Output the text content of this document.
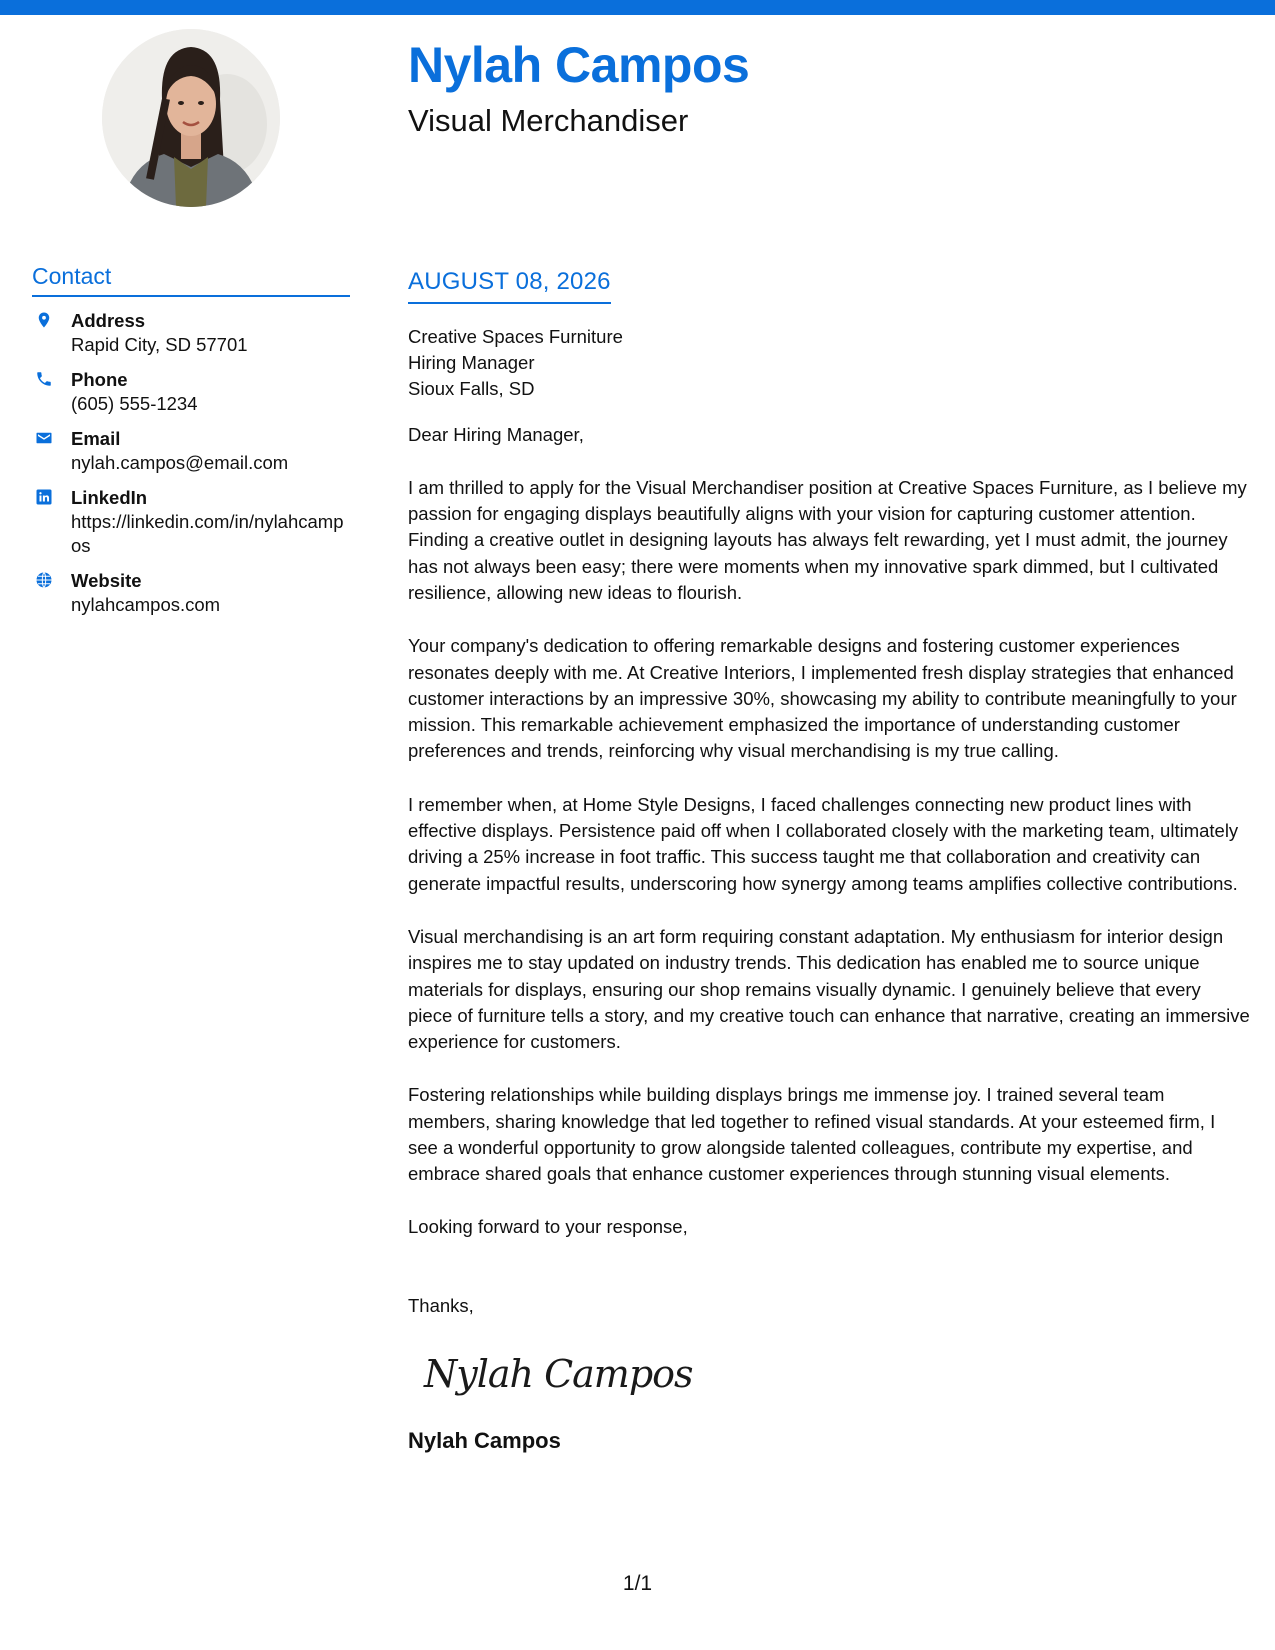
Nylah Campos
Visual Merchandiser
Contact
Address
Rapid City, SD 57701
Phone
(605) 555-1234
Email
nylah.campos@email.com
LinkedIn
https://linkedin.com/in/nylahcampos
Website
nylahcampos.com
AUGUST 08, 2026
Creative Spaces Furniture
Hiring Manager
Sioux Falls, SD
Dear Hiring Manager,
I am thrilled to apply for the Visual Merchandiser position at Creative Spaces Furniture, as I believe my passion for engaging displays beautifully aligns with your vision for capturing customer attention. Finding a creative outlet in designing layouts has always felt rewarding, yet I must admit, the journey has not always been easy; there were moments when my innovative spark dimmed, but I cultivated resilience, allowing new ideas to flourish.
Your company's dedication to offering remarkable designs and fostering customer experiences resonates deeply with me. At Creative Interiors, I implemented fresh display strategies that enhanced customer interactions by an impressive 30%, showcasing my ability to contribute meaningfully to your mission. This remarkable achievement emphasized the importance of understanding customer preferences and trends, reinforcing why visual merchandising is my true calling.
I remember when, at Home Style Designs, I faced challenges connecting new product lines with effective displays. Persistence paid off when I collaborated closely with the marketing team, ultimately driving a 25% increase in foot traffic. This success taught me that collaboration and creativity can generate impactful results, underscoring how synergy among teams amplifies collective contributions.
Visual merchandising is an art form requiring constant adaptation. My enthusiasm for interior design inspires me to stay updated on industry trends. This dedication has enabled me to source unique materials for displays, ensuring our shop remains visually dynamic. I genuinely believe that every piece of furniture tells a story, and my creative touch can enhance that narrative, creating an immersive experience for customers.
Fostering relationships while building displays brings me immense joy. I trained several team members, sharing knowledge that led together to refined visual standards. At your esteemed firm, I see a wonderful opportunity to grow alongside talented colleagues, contribute my expertise, and embrace shared goals that enhance customer experiences through stunning visual elements.
Looking forward to your response,
Thanks,
Nylah Campos
Nylah Campos
1/1
